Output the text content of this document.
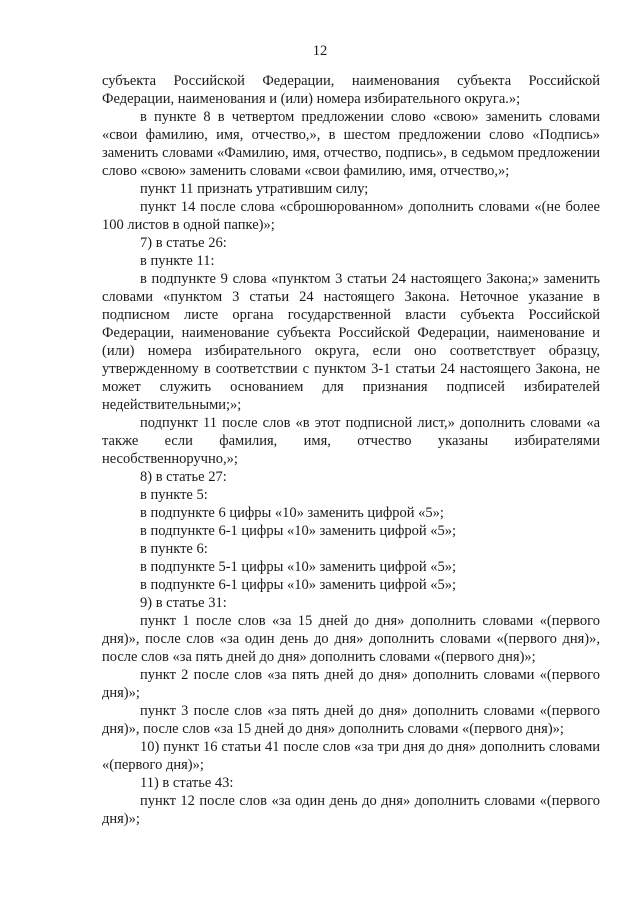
12

субъекта Российской Федерации, наименования субъекта Российской Федерации, наименования и (или) номера избирательного округа.»;

в пункте 8 в четвертом предложении слово «свою» заменить словами «свои фамилию, имя, отчество,», в шестом предложении слово «Подпись» заменить словами «Фамилию, имя, отчество, подпись», в седьмом предложении слово «свою» заменить словами «свои фамилию, имя, отчество,»;

пункт 11 признать утратившим силу;

пункт 14 после слова «сброшюрованном» дополнить словами «(не более 100 листов в одной папке)»;

7) в статье 26:

в пункте 11:

в подпункте 9 слова «пунктом 3 статьи 24 настоящего Закона;» заменить словами «пунктом 3 статьи 24 настоящего Закона. Неточное указание в подписном листе органа государственной власти субъекта Российской Федерации, наименование субъекта Российской Федерации, наименование и (или) номера избирательного округа, если оно соответствует образцу, утвержденному в соответствии с пунктом 3-1 статьи 24 настоящего Закона, не может служить основанием для признания подписей избирателей недействительными;»;

подпункт 11 после слов «в этот подписной лист,» дополнить словами «а также если фамилия, имя, отчество указаны избирателями несобственноручно,»;

8) в статье 27:

в пункте 5:

в подпункте 6 цифры «10» заменить цифрой «5»;

в подпункте 6-1 цифры «10» заменить цифрой «5»;

в пункте 6:

в подпункте 5-1 цифры «10» заменить цифрой «5»;

в подпункте 6-1 цифры «10» заменить цифрой «5»;

9) в статье 31:

пункт 1 после слов «за 15 дней до дня» дополнить словами «(первого дня)», после слов «за один день до дня» дополнить словами «(первого дня)», после слов «за пять дней до дня» дополнить словами «(первого дня)»;

пункт 2 после слов «за пять дней до дня» дополнить словами «(первого дня)»;

пункт 3 после слов «за пять дней до дня» дополнить словами «(первого дня)», после слов «за 15 дней до дня» дополнить словами «(первого дня)»;

10) пункт 16 статьи 41 после слов «за три дня до дня» дополнить словами «(первого дня)»;

11) в статье 43:

пункт 12 после слов «за один день до дня» дополнить словами «(первого дня)»;
